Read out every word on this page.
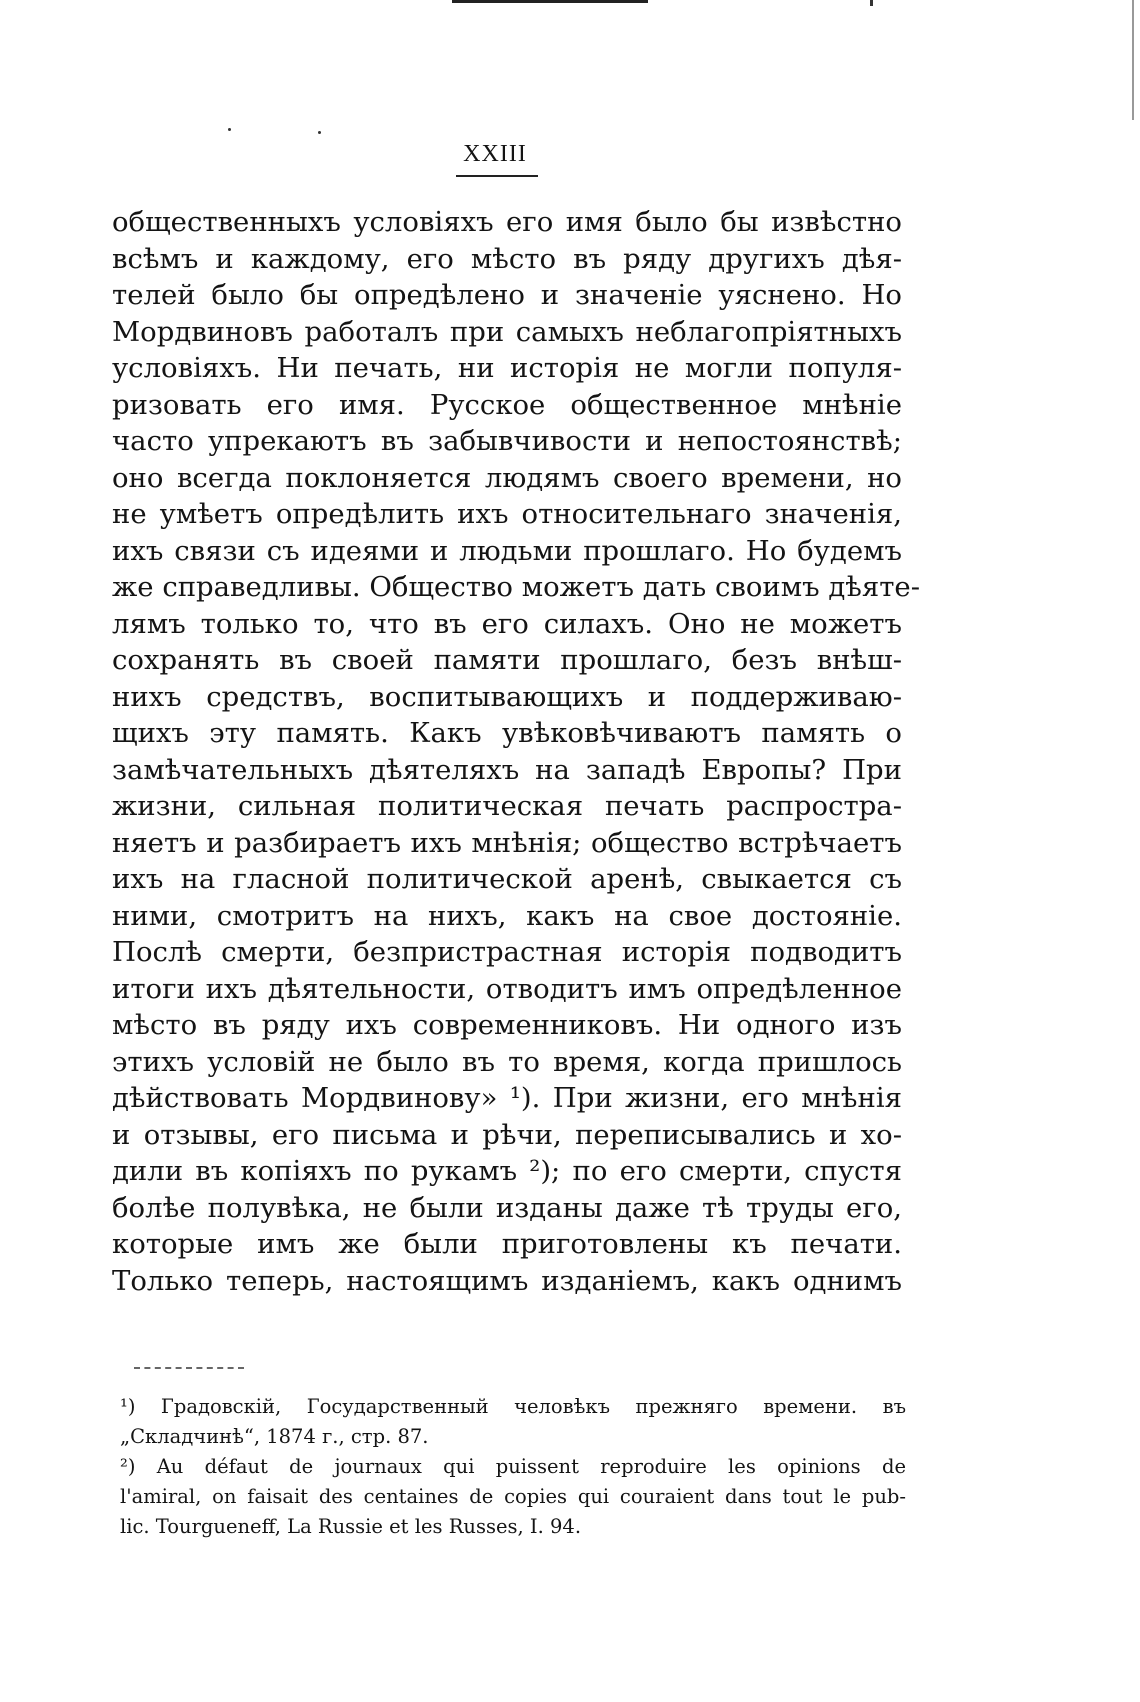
XXIII
общественныхъ условіяхъ его имя было бы извѣстно
всѣмъ и каждому, его мѣсто въ ряду другихъ дѣя-
телей было бы опредѣлено и значеніе уяснено. Но
Мордвиновъ работалъ при самыхъ неблагопріятныхъ
условіяхъ. Ни печать, ни исторія не могли популя-
ризовать его имя. Русское общественное мнѣніе
часто упрекаютъ въ забывчивости и непостоянствѣ;
оно всегда поклоняется людямъ своего времени, но
не умѣетъ опредѣлить ихъ относительнаго значенія,
ихъ связи съ идеями и людьми прошлаго. Но будемъ
же справедливы. Общество можетъ дать своимъ дѣяте-
лямъ только то, что въ его силахъ. Оно не можетъ
сохранять въ своей памяти прошлаго, безъ внѣш-
нихъ средствъ, воспитывающихъ и поддерживаю-
щихъ эту память. Какъ увѣковѣчиваютъ память о
замѣчательныхъ дѣятеляхъ на западѣ Европы? При
жизни, сильная политическая печать распростра-
няетъ и разбираетъ ихъ мнѣнія; общество встрѣчаетъ
ихъ на гласной политической аренѣ, свыкается съ
ними, смотритъ на нихъ, какъ на свое достояніе.
Послѣ смерти, безпристрастная исторія подводитъ
итоги ихъ дѣятельности, отводитъ имъ опредѣленное
мѣсто въ ряду ихъ современниковъ. Ни одного изъ
этихъ условій не было въ то время, когда пришлось
дѣйствовать Мордвинову» ¹). При жизни, его мнѣнія
и отзывы, его письма и рѣчи, переписывались и хо-
дили въ копіяхъ по рукамъ ²); по его смерти, спустя
болѣе полувѣка, не были изданы даже тѣ труды его,
которые имъ же были приготовлены къ печати.
Только теперь, настоящимъ изданіемъ, какъ однимъ
¹) Градовскій, Государственный человѣкъ прежняго времени. въ
„Складчинѣ“, 1874 г., стр. 87.
²) Au défaut de journaux qui puissent reproduire les opinions de
l'amiral, on faisait des centaines de copies qui couraient dans tout le pub-
lic. Tourgueneff, La Russie et les Russes, I. 94.
